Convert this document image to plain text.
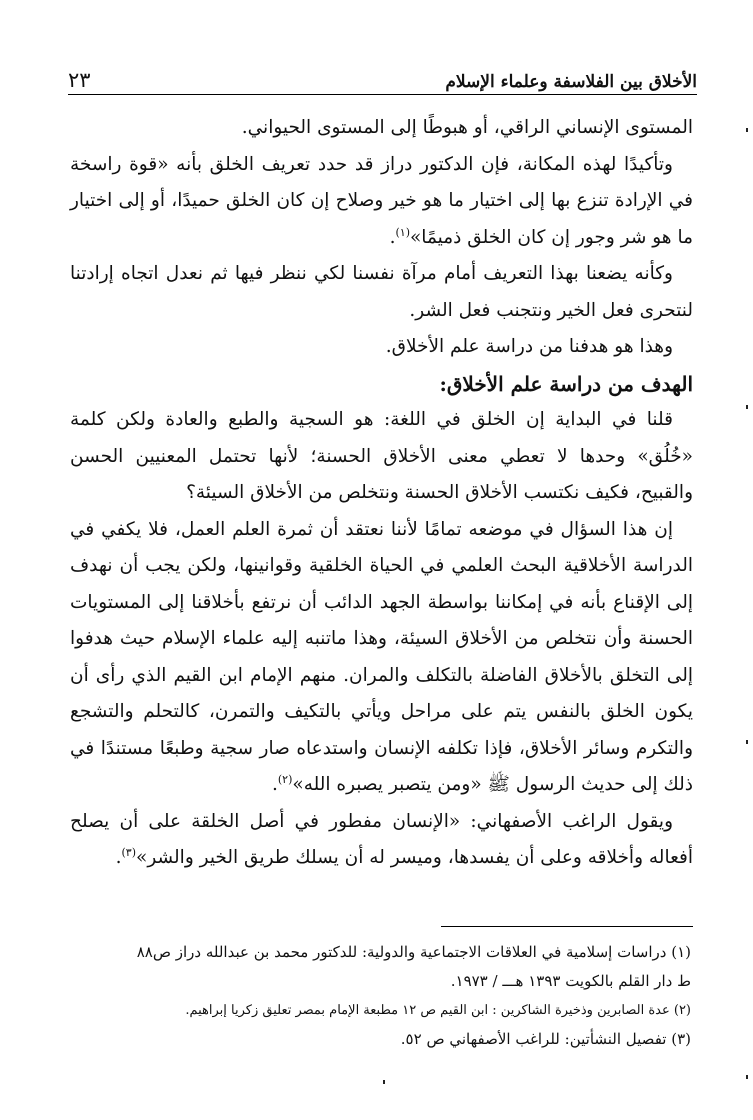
الأخلاق بين الفلاسفة وعلماء الإسلام
٢٣

المستوى الإنساني الراقي، أو هبوطًا إلى المستوى الحيواني.

وتأكيدًا لهذه المكانة، فإن الدكتور دراز قد حدد تعريف الخلق بأنه «قوة راسخة في الإرادة تنزع بها إلى اختيار ما هو خير وصلاح إن كان الخلق حميدًا، أو إلى اختيار ما هو شر وجور إن كان الخلق ذميمًا»$^{(١)}$.

وكأنه يضعنا بهذا التعريف أمام مرآة نفسنا لكي ننظر فيها ثم نعدل اتجاه إرادتنا لنتحرى فعل الخير ونتجنب فعل الشر.

وهذا هو هدفنا من دراسة علم الأخلاق.

الهدف من دراسة علم الأخلاق:

قلنا في البداية إن الخلق في اللغة: هو السجية والطبع والعادة ولكن كلمة «خُلُق» وحدها لا تعطي معنى الأخلاق الحسنة؛ لأنها تحتمل المعنيين الحسن والقبيح، فكيف نكتسب الأخلاق الحسنة ونتخلص من الأخلاق السيئة؟

إن هذا السؤال في موضعه تمامًا لأننا نعتقد أن ثمرة العلم العمل، فلا يكفي في الدراسة الأخلاقية البحث العلمي في الحياة الخلقية وقوانينها، ولكن يجب أن نهدف إلى الإقناع بأنه في إمكاننا بواسطة الجهد الدائب أن نرتفع بأخلاقنا إلى المستويات الحسنة وأن نتخلص من الأخلاق السيئة، وهذا ماتنبه إليه علماء الإسلام حيث هدفوا إلى التخلق بالأخلاق الفاضلة بالتكلف والمران. منهم الإمام ابن القيم الذي رأى أن يكون الخلق بالنفس يتم على مراحل ويأتي بالتكيف والتمرن، كالتحلم والتشجع والتكرم وسائر الأخلاق، فإذا تكلفه الإنسان واستدعاه صار سجية وطبعًا مستندًا في ذلك إلى حديث الرسول ﷺ «ومن يتصبر يصبره الله»$^{(٢)}$.

ويقول الراغب الأصفهاني: «الإنسان مفطور في أصل الخلقة على أن يصلح أفعاله وأخلاقه وعلى أن يفسدها، وميسر له أن يسلك طريق الخير والشر»$^{(٣)}$.

(١) دراسات إسلامية في العلاقات الاجتماعية والدولية: للدكتور محمد بن عبدالله دراز ص٨٨

ط دار القلم بالكويت ١٣٩٣ هـــ / ١٩٧٣.

(٢) عدة الصابرين وذخيرة الشاكرين : ابن القيم ص ١٢ مطبعة الإمام بمصر تعليق زكريا إبراهيم.

(٣) تفصيل النشأتين: للراغب الأصفهاني ص ٥٢.
